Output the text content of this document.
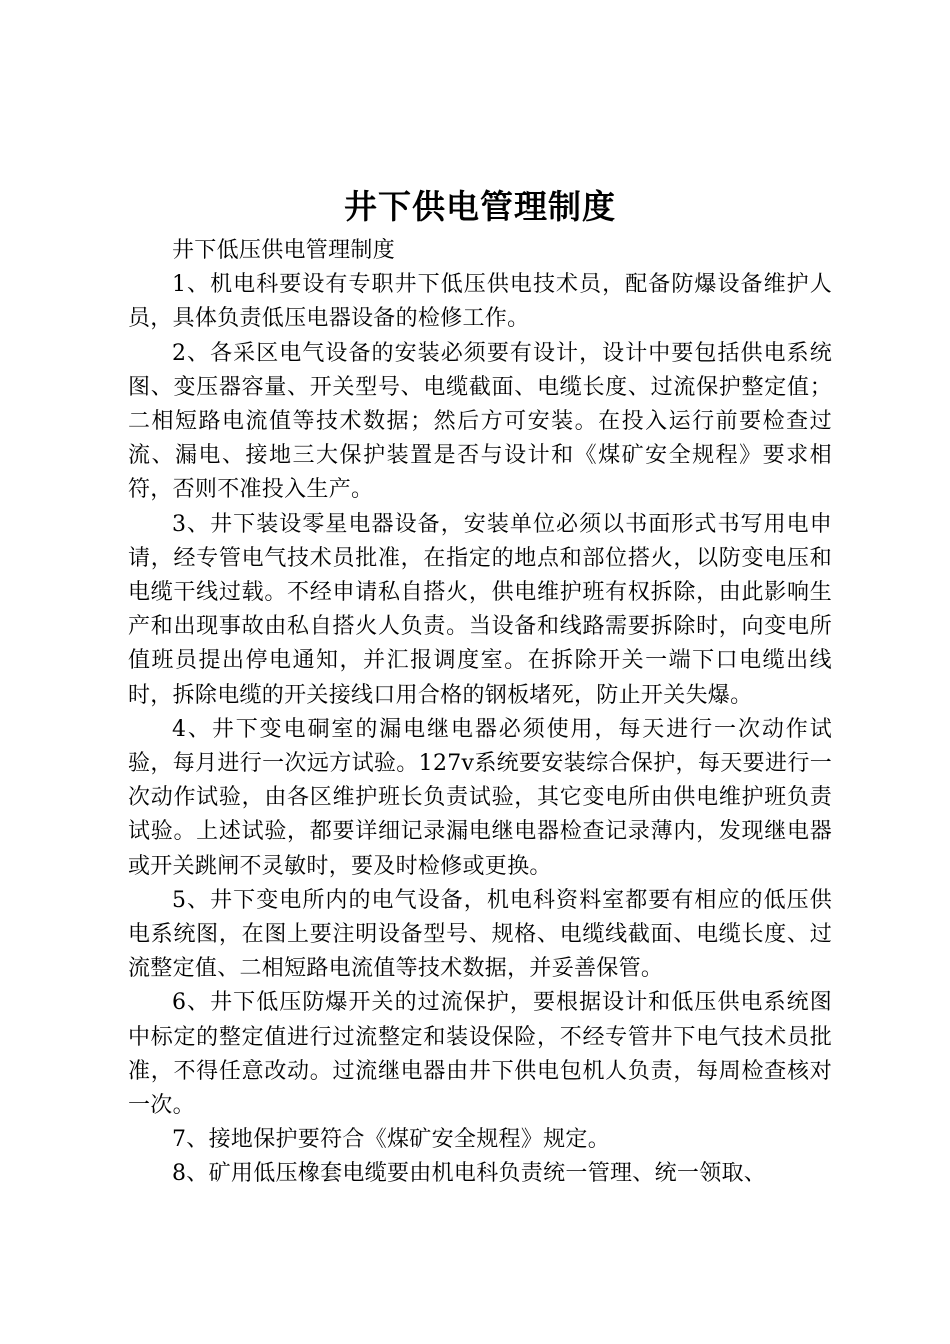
井下供电管理制度

井下低压供电管理制度

1、机电科要设有专职井下低压供电技术员，配备防爆设备维护人员，具体负责低压电器设备的检修工作。

2、各采区电气设备的安装必须要有设计，设计中要包括供电系统图、变压器容量、开关型号、电缆截面、电缆长度、过流保护整定值；二相短路电流值等技术数据；然后方可安装。在投入运行前要检查过流、漏电、接地三大保护装置是否与设计和《煤矿安全规程》要求相符，否则不准投入生产。

3、井下装设零星电器设备，安装单位必须以书面形式书写用电申请，经专管电气技术员批准，在指定的地点和部位搭火，以防变电压和电缆干线过载。不经申请私自搭火，供电维护班有权拆除，由此影响生产和出现事故由私自搭火人负责。当设备和线路需要拆除时，向变电所值班员提出停电通知，并汇报调度室。在拆除开关一端下口电缆出线时，拆除电缆的开关接线口用合格的钢板堵死，防止开关失爆。

4、井下变电硐室的漏电继电器必须使用，每天进行一次动作试验，每月进行一次远方试验。127v系统要安装综合保护，每天要进行一次动作试验，由各区维护班长负责试验，其它变电所由供电维护班负责试验。上述试验，都要详细记录漏电继电器检查记录薄内，发现继电器或开关跳闸不灵敏时，要及时检修或更换。

5、井下变电所内的电气设备，机电科资料室都要有相应的低压供电系统图，在图上要注明设备型号、规格、电缆线截面、电缆长度、过流整定值、二相短路电流值等技术数据，并妥善保管。

6、井下低压防爆开关的过流保护，要根据设计和低压供电系统图中标定的整定值进行过流整定和装设保险，不经专管井下电气技术员批准，不得任意改动。过流继电器由井下供电包机人负责，每周检查核对一次。

7、接地保护要符合《煤矿安全规程》规定。

8、矿用低压橡套电缆要由机电科负责统一管理、统一领取、
